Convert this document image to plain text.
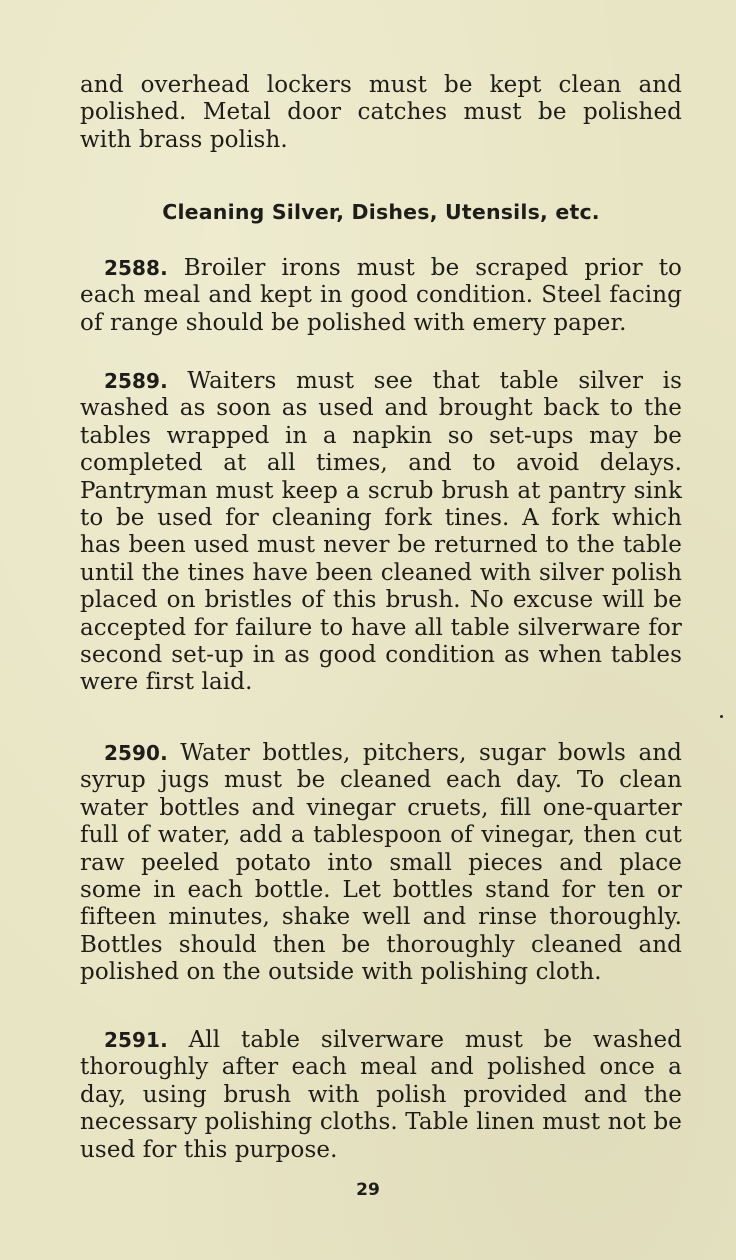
and overhead lockers must be kept clean and polished. Metal door catches must be polished with brass polish.
Cleaning Silver, Dishes, Utensils, etc.
2588. Broiler irons must be scraped prior to each meal and kept in good condition. Steel facing of range should be polished with emery paper.
2589. Waiters must see that table silver is washed as soon as used and brought back to the tables wrapped in a napkin so set-ups may be completed at all times, and to avoid delays. Pantryman must keep a scrub brush at pantry sink to be used for cleaning fork tines. A fork which has been used must never be returned to the table until the tines have been cleaned with silver polish placed on bristles of this brush. No excuse will be accepted for failure to have all table silverware for second set-up in as good condition as when tables were first laid.
2590. Water bottles, pitchers, sugar bowls and syrup jugs must be cleaned each day. To clean water bottles and vinegar cruets, fill one-quarter full of water, add a tablespoon of vinegar, then cut raw peeled potato into small pieces and place some in each bottle. Let bottles stand for ten or fifteen minutes, shake well and rinse thoroughly. Bottles should then be thoroughly cleaned and polished on the outside with polishing cloth.
2591. All table silverware must be washed thoroughly after each meal and polished once a day, using brush with polish provided and the necessary polishing cloths. Table linen must not be used for this purpose.
29
